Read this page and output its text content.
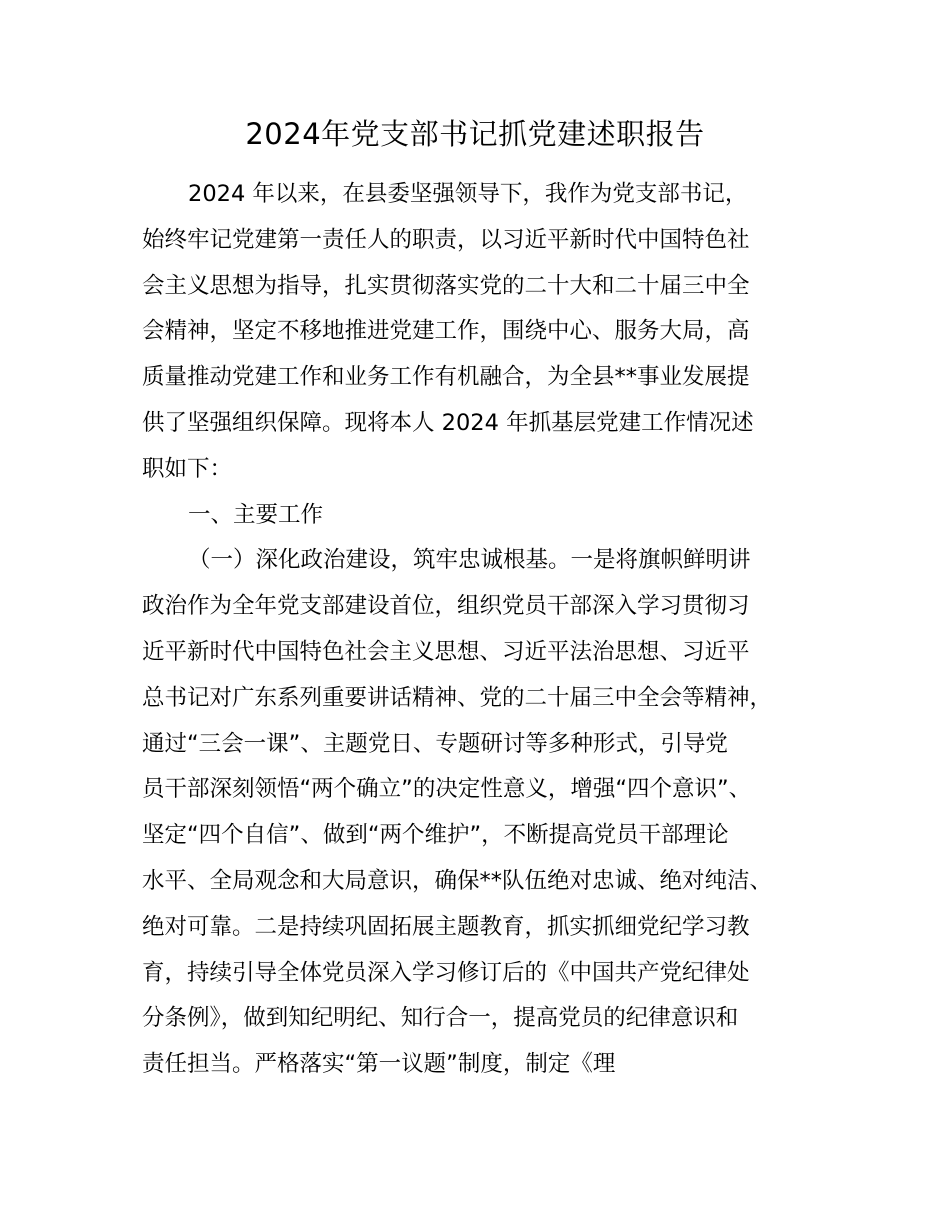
2024年党支部书记抓党建述职报告
2024 年以来，在县委坚强领导下，我作为党支部书记，
始终牢记党建第一责任人的职责，以习近平新时代中国特色社
会主义思想为指导，扎实贯彻落实党的二十大和二十届三中全
会精神，坚定不移地推进党建工作，围绕中心、服务大局，高
质量推动党建工作和业务工作有机融合，为全县**事业发展提
供了坚强组织保障。现将本人 2024 年抓基层党建工作情况述
职如下：
一、主要工作
（一）深化政治建设，筑牢忠诚根基。一是将旗帜鲜明讲
政治作为全年党支部建设首位，组织党员干部深入学习贯彻习
近平新时代中国特色社会主义思想、习近平法治思想、习近平
总书记对广东系列重要讲话精神、党的二十届三中全会等精神，
通过“三会一课”、主题党日、专题研讨等多种形式，引导党
员干部深刻领悟“两个确立”的决定性意义，增强“四个意识”、
坚定“四个自信”、做到“两个维护”，不断提高党员干部理论
水平、全局观念和大局意识，确保**队伍绝对忠诚、绝对纯洁、
绝对可靠。二是持续巩固拓展主题教育，抓实抓细党纪学习教
育，持续引导全体党员深入学习修订后的《中国共产党纪律处
分条例》，做到知纪明纪、知行合一，提高党员的纪律意识和
责任担当。严格落实“第一议题”制度，制定《理
